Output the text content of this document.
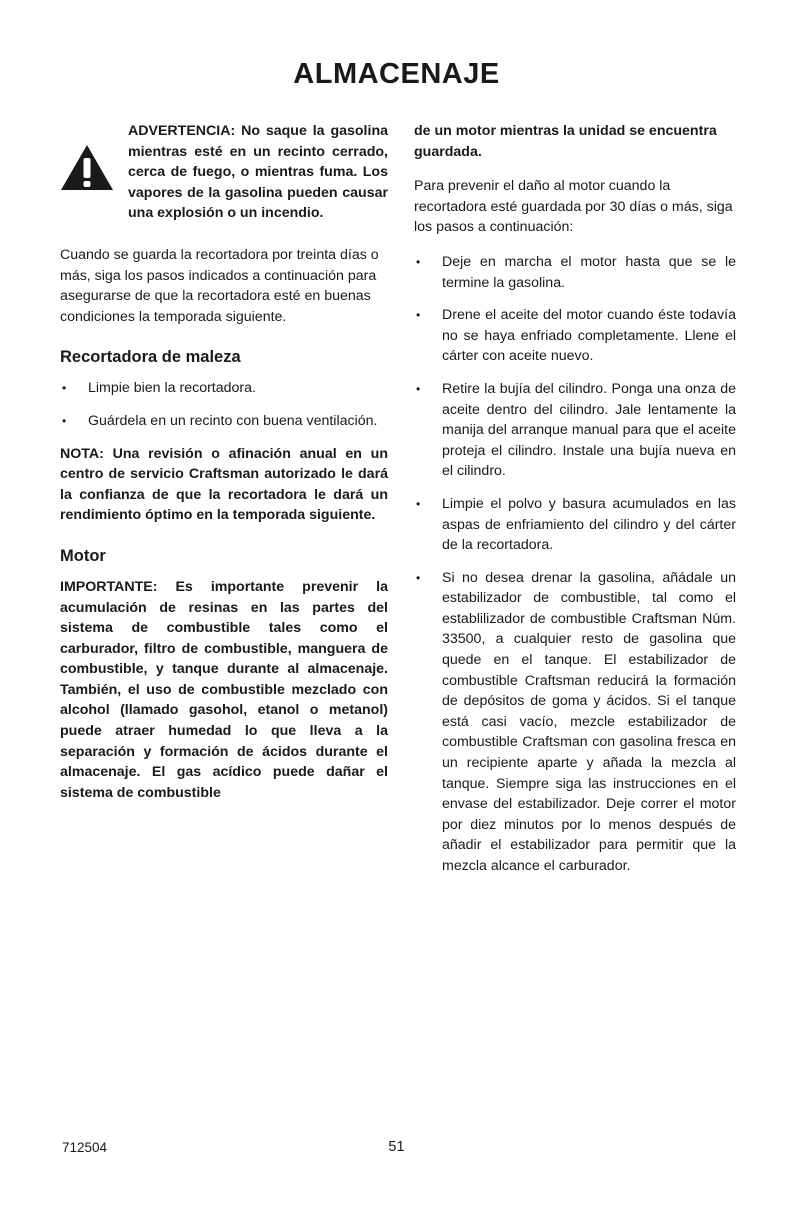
ALMACENAJE
ADVERTENCIA: No saque la gasolina mientras esté en un recinto cerrado, cerca de fuego, o mientras fuma. Los vapores de la gasolina pueden causar una explosión o un incendio.

Cuando se guarda la recortadora por treinta días o más, siga los pasos indicados a continuación para asegurarse de que la recortadora esté en buenas condiciones la temporada siguiente.

Recortadora de maleza
• Limpie bien la recortadora.
• Guárdela en un recinto con buena ventilación.

NOTA: Una revisión o afinación anual en un centro de servicio Craftsman autorizado le dará la confianza de que la recortadora le dará un rendimiento óptimo en la temporada siguiente.

Motor

IMPORTANTE: Es importante prevenir la acumulación de resinas en las partes del sistema de combustible tales como el carburador, filtro de combustible, manguera de combustible, y tanque durante al almacenaje. También, el uso de combustible mezclado con alcohol (llamado gasohol, etanol o metanol) puede atraer humedad lo que lleva a la separación y formación de ácidos durante el almacenaje. El gas acídico puede dañar el sistema de combustible

de un motor mientras la unidad se encuentra guardada.

Para prevenir el daño al motor cuando la recortadora esté guardada por 30 días o más, siga los pasos a continuación:

• Deje en marcha el motor hasta que se le termine la gasolina.
• Drene el aceite del motor cuando éste todavía no se haya enfriado completamente. Llene el cárter con aceite nuevo.
• Retire la bujía del cilindro. Ponga una onza de aceite dentro del cilindro. Jale lentamente la manija del arranque manual para que el aceite proteja el cilindro. Instale una bujía nueva en el cilindro.
• Limpie el polvo y basura acumulados en las aspas de enfriamiento del cilindro y del cárter de la recortadora.
• Si no desea drenar la gasolina, añádale un estabilizador de combustible, tal como el establilizador de combustible Craftsman Núm. 33500, a cualquier resto de gasolina que quede en el tanque. El estabilizador de combustible Craftsman reducirá la formación de depósitos de goma y ácidos. Si el tanque está casi vacío, mezcle estabilizador de combustible Craftsman con gasolina fresca en un recipiente aparte y añada la mezcla al tanque. Siempre siga las instrucciones en el envase del estabilizador. Deje correr el motor por diez minutos por lo menos después de añadir el estabilizador para permitir que la mezcla alcance el carburador.
712504	51
